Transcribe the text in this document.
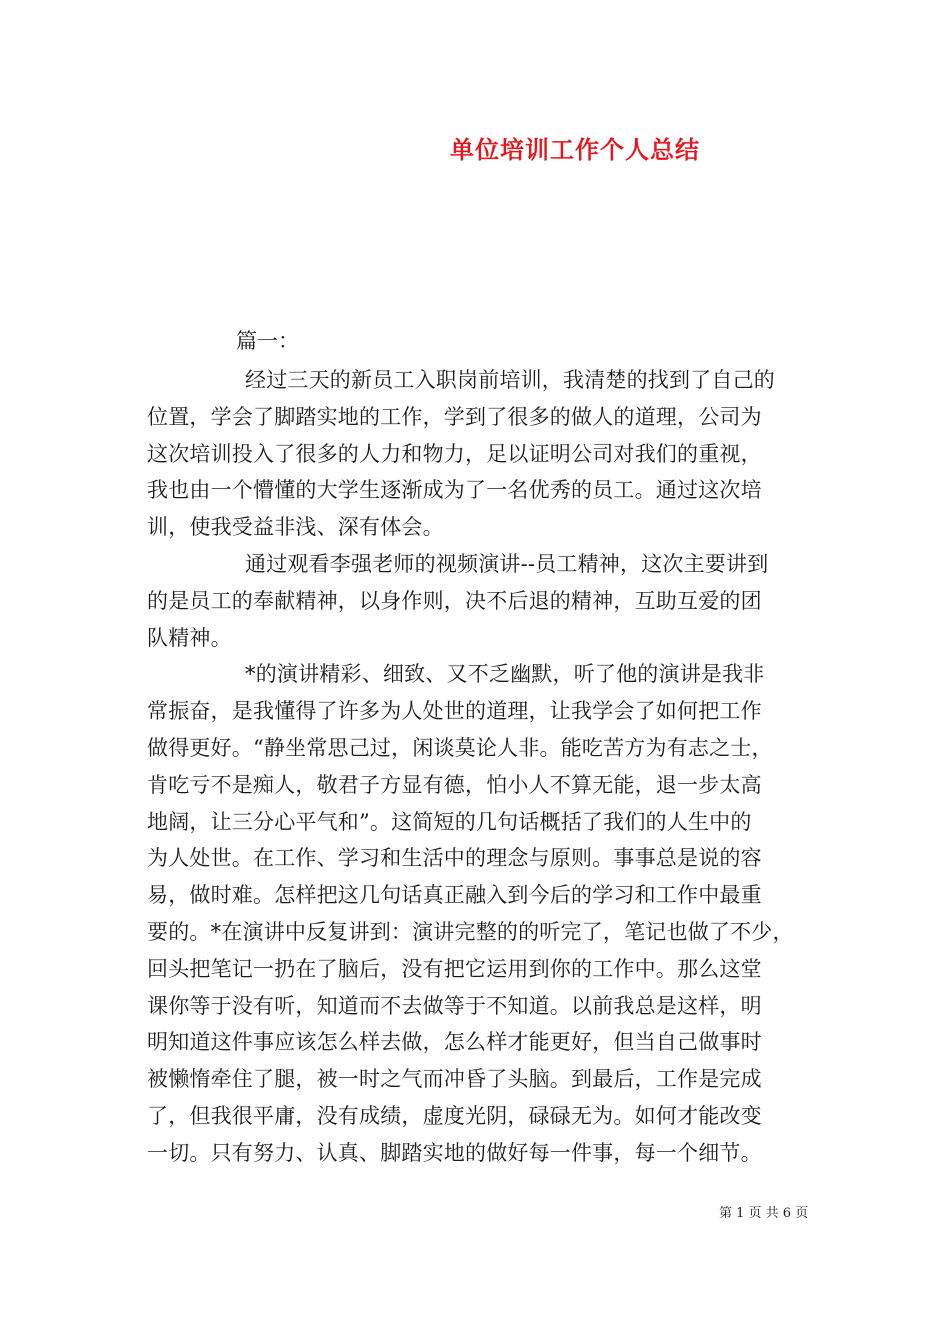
单位培训工作个人总结
篇一：
经过三天的新员工入职岗前培训，我清楚的找到了自己的
位置，学会了脚踏实地的工作，学到了很多的做人的道理，公司为
这次培训投入了很多的人力和物力，足以证明公司对我们的重视，
我也由一个懵懂的大学生逐渐成为了一名优秀的员工。通过这次培
训，使我受益非浅、深有体会。
通过观看李强老师的视频演讲--员工精神，这次主要讲到
的是员工的奉献精神，以身作则，决不后退的精神，互助互爱的团
队精神。
*的演讲精彩、细致、又不乏幽默，听了他的演讲是我非
常振奋，是我懂得了许多为人处世的道理，让我学会了如何把工作
做得更好。“静坐常思己过，闲谈莫论人非。能吃苦方为有志之士，
肯吃亏不是痴人，敬君子方显有德，怕小人不算无能，退一步太高
地阔，让三分心平气和”。这简短的几句话概括了我们的人生中的
为人处世。在工作、学习和生活中的理念与原则。事事总是说的容
易，做时难。怎样把这几句话真正融入到今后的学习和工作中最重
要的。*在演讲中反复讲到：演讲完整的的听完了，笔记也做了不少，
回头把笔记一扔在了脑后，没有把它运用到你的工作中。那么这堂
课你等于没有听，知道而不去做等于不知道。以前我总是这样，明
明知道这件事应该怎么样去做，怎么样才能更好，但当自己做事时
被懒惰牵住了腿，被一时之气而冲昏了头脑。到最后，工作是完成
了，但我很平庸，没有成绩，虚度光阴，碌碌无为。如何才能改变
一切。只有努力、认真、脚踏实地的做好每一件事，每一个细节。
第 1 页 共 6 页
